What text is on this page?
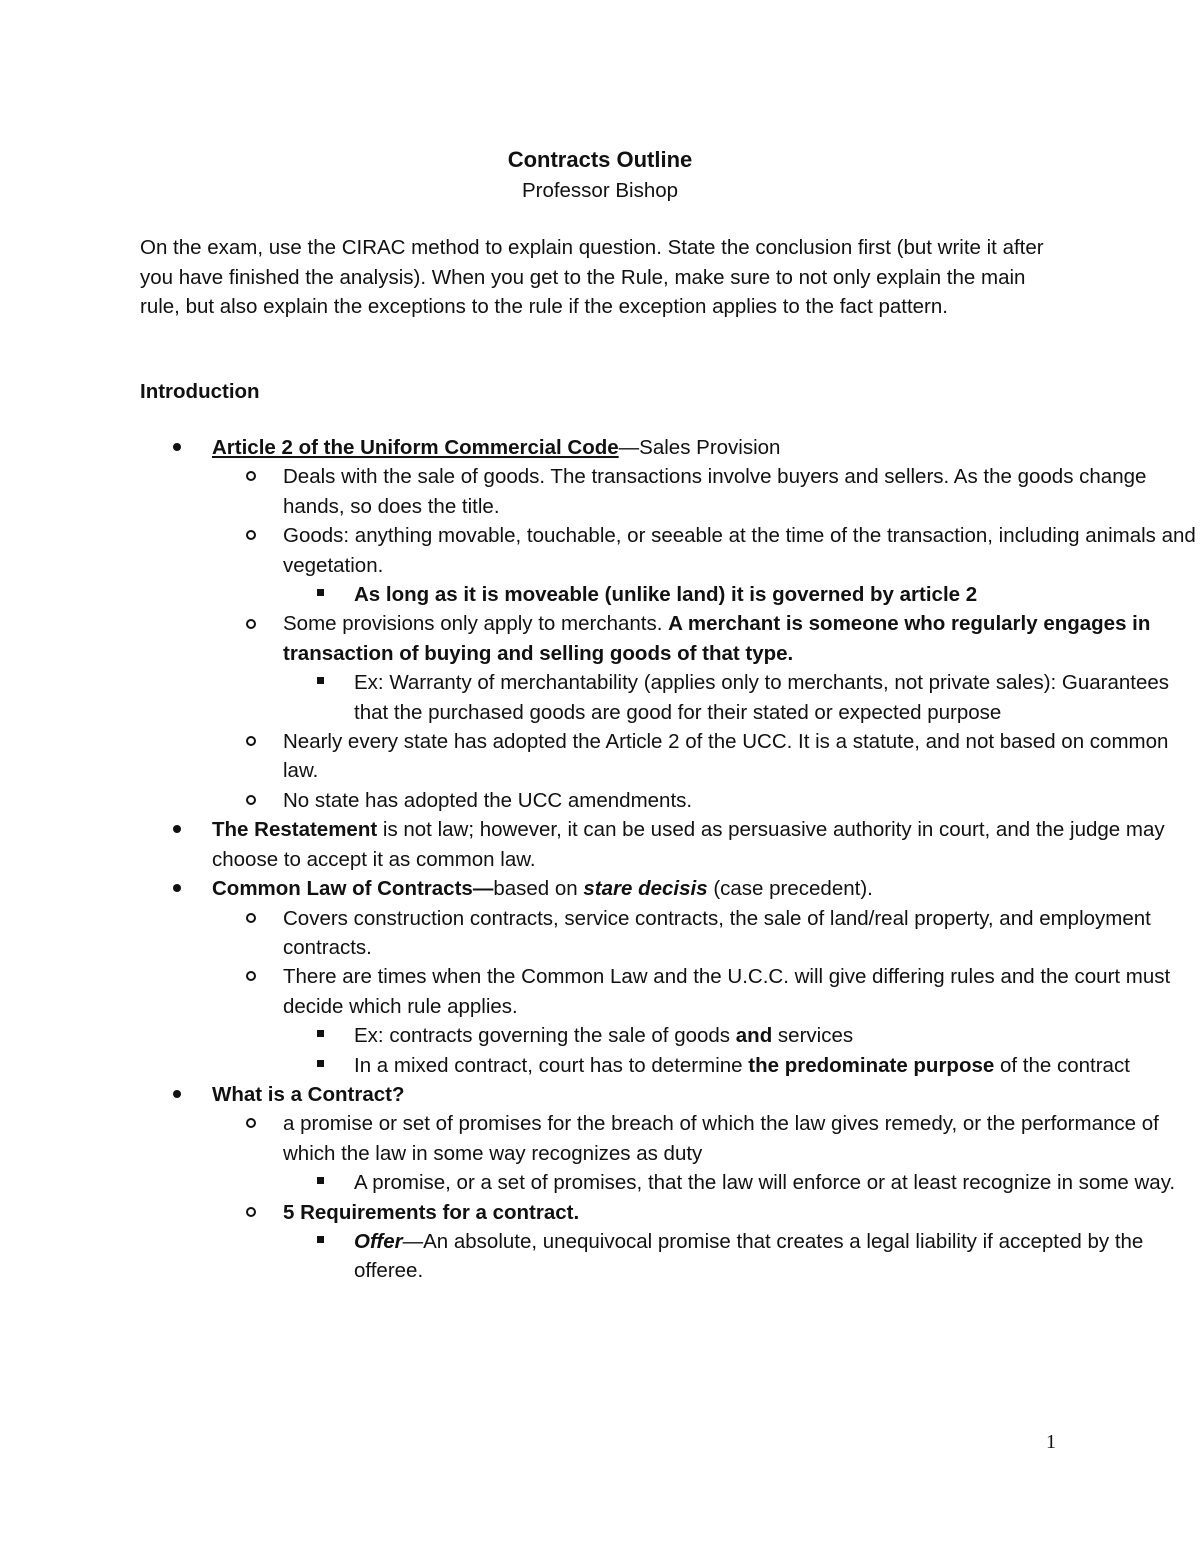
Contracts Outline
Professor Bishop

On the exam, use the CIRAC method to explain question. State the conclusion first (but write it after you have finished the analysis). When you get to the Rule, make sure to not only explain the main rule, but also explain the exceptions to the rule if the exception applies to the fact pattern.

Introduction

Article 2 of the Uniform Commercial Code—Sales Provision
Deals with the sale of goods. The transactions involve buyers and sellers. As the goods change hands, so does the title.
Goods: anything movable, touchable, or seeable at the time of the transaction, including animals and vegetation.
As long as it is moveable (unlike land) it is governed by article 2
Some provisions only apply to merchants. A merchant is someone who regularly engages in transaction of buying and selling goods of that type.
Ex: Warranty of merchantability (applies only to merchants, not private sales): Guarantees that the purchased goods are good for their stated or expected purpose
Nearly every state has adopted the Article 2 of the UCC. It is a statute, and not based on common law.
No state has adopted the UCC amendments.
The Restatement is not law; however, it can be used as persuasive authority in court, and the judge may choose to accept it as common law.
Common Law of Contracts—based on stare decisis (case precedent).
Covers construction contracts, service contracts, the sale of land/real property, and employment contracts.
There are times when the Common Law and the U.C.C. will give differing rules and the court must decide which rule applies.
Ex: contracts governing the sale of goods and services
In a mixed contract, court has to determine the predominate purpose of the contract
What is a Contract?
a promise or set of promises for the breach of which the law gives remedy, or the performance of which the law in some way recognizes as duty
A promise, or a set of promises, that the law will enforce or at least recognize in some way.
5 Requirements for a contract.
Offer—An absolute, unequivocal promise that creates a legal liability if accepted by the offeree.
1
